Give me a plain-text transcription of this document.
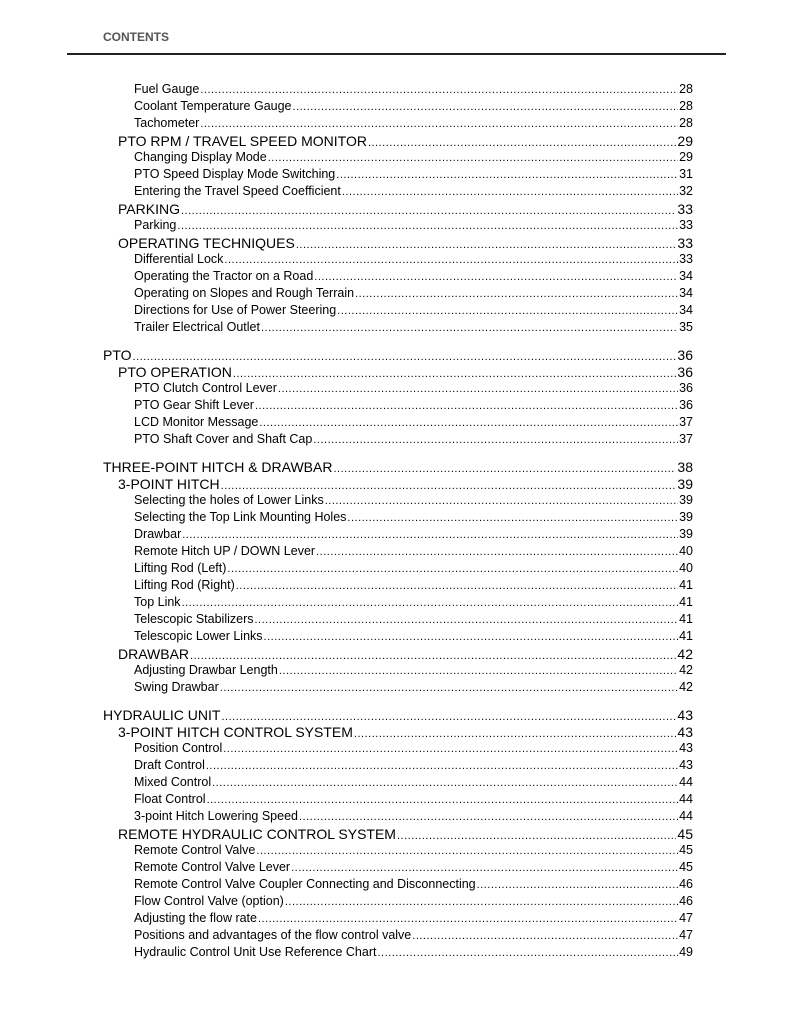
CONTENTS
Fuel Gauge .....	28
Coolant Temperature Gauge .....	28
Tachometer .....	28
PTO RPM / TRAVEL SPEED MONITOR .....	29
Changing Display Mode .....	29
PTO Speed Display Mode Switching .....	31
Entering the Travel Speed Coefficient .....	32
PARKING .....	33
Parking .....	33
OPERATING TECHNIQUES .....	33
Differential Lock .....	33
Operating the Tractor on a Road .....	34
Operating on Slopes and Rough Terrain .....	34
Directions for Use of Power Steering .....	34
Trailer Electrical Outlet .....	35
PTO .....	36
PTO OPERATION .....	36
PTO Clutch Control Lever .....	36
PTO Gear Shift Lever .....	36
LCD Monitor Message .....	37
PTO Shaft Cover and Shaft Cap .....	37
THREE-POINT HITCH & DRAWBAR .....	38
3-POINT HITCH .....	39
Selecting the holes of Lower Links .....	39
Selecting the Top Link Mounting Holes .....	39
Drawbar .....	39
Remote Hitch UP / DOWN Lever .....	40
Lifting Rod (Left) .....	40
Lifting Rod (Right) .....	41
Top Link .....	41
Telescopic Stabilizers .....	41
Telescopic Lower Links .....	41
DRAWBAR .....	42
Adjusting Drawbar Length .....	42
Swing Drawbar .....	42
HYDRAULIC UNIT .....	43
3-POINT HITCH CONTROL SYSTEM .....	43
Position Control .....	43
Draft Control .....	43
Mixed Control .....	44
Float Control .....	44
3-point Hitch Lowering Speed .....	44
REMOTE HYDRAULIC CONTROL SYSTEM .....	45
Remote Control Valve .....	45
Remote Control Valve Lever .....	45
Remote Control Valve Coupler Connecting and Disconnecting .....	46
Flow Control Valve (option) .....	46
Adjusting the flow rate .....	47
Positions and advantages of the flow control valve .....	47
Hydraulic Control Unit Use Reference Chart .....	49
